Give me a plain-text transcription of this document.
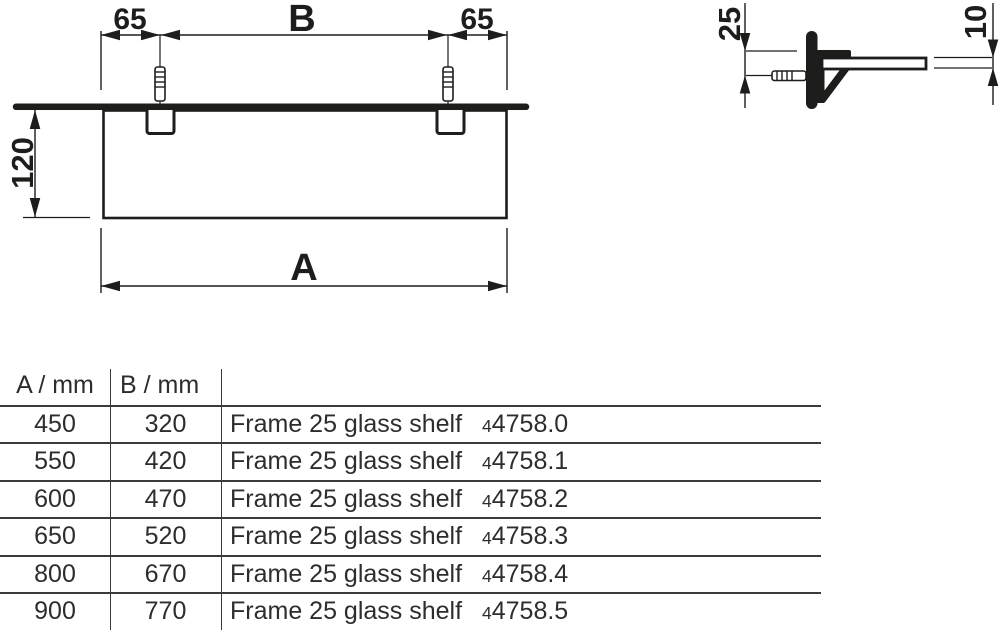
65	B	65
120
A
25	10
A / mm	B / mm
450	320	Frame 25 glass shelf	44758.0
550	420	Frame 25 glass shelf	44758.1
600	470	Frame 25 glass shelf	44758.2
650	520	Frame 25 glass shelf	44758.3
800	670	Frame 25 glass shelf	44758.4
900	770	Frame 25 glass shelf	44758.5
